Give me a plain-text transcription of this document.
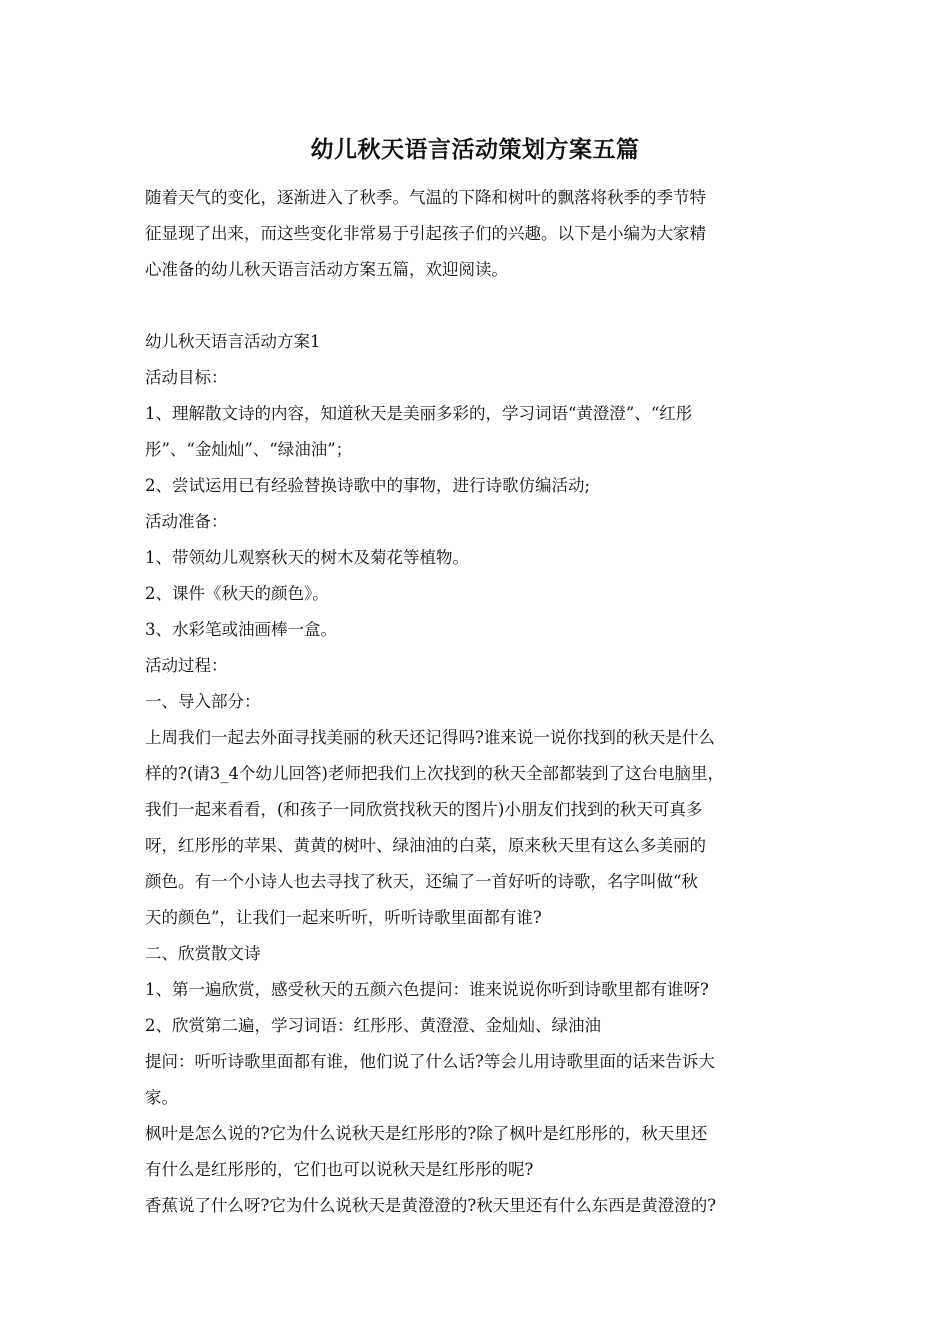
幼儿秋天语言活动策划方案五篇

随着天气的变化，逐渐进入了秋季。气温的下降和树叶的飘落将秋季的季节特

征显现了出来，而这些变化非常易于引起孩子们的兴趣。以下是小编为大家精

心准备的幼儿秋天语言活动方案五篇，欢迎阅读。

幼儿秋天语言活动方案1

活动目标：

1、理解散文诗的内容，知道秋天是美丽多彩的，学习词语“黄澄澄”、“红彤

彤”、“金灿灿”、“绿油油”；

2、尝试运用已有经验替换诗歌中的事物，进行诗歌仿编活动;

活动准备：

1、带领幼儿观察秋天的树木及菊花等植物。

2、课件《秋天的颜色》。

3、水彩笔或油画棒一盒。

活动过程：

一、导入部分：

上周我们一起去外面寻找美丽的秋天还记得吗?谁来说一说你找到的秋天是什么

样的?(请3_4个幼儿回答)老师把我们上次找到的秋天全部都装到了这台电脑里，

我们一起来看看，(和孩子一同欣赏找秋天的图片)小朋友们找到的秋天可真多

呀，红彤彤的苹果、黄黄的树叶、绿油油的白菜，原来秋天里有这么多美丽的

颜色。有一个小诗人也去寻找了秋天，还编了一首好听的诗歌，名字叫做“秋

天的颜色”，让我们一起来听听，听听诗歌里面都有谁?

二、欣赏散文诗

1、第一遍欣赏，感受秋天的五颜六色提问：谁来说说你听到诗歌里都有谁呀?

2、欣赏第二遍，学习词语：红彤彤、黄澄澄、金灿灿、绿油油

提问：听听诗歌里面都有谁，他们说了什么话?等会儿用诗歌里面的话来告诉大

家。

枫叶是怎么说的?它为什么说秋天是红彤彤的?除了枫叶是红彤彤的，秋天里还

有什么是红彤彤的，它们也可以说秋天是红彤彤的呢?

香蕉说了什么呀?它为什么说秋天是黄澄澄的?秋天里还有什么东西是黄澄澄的?
